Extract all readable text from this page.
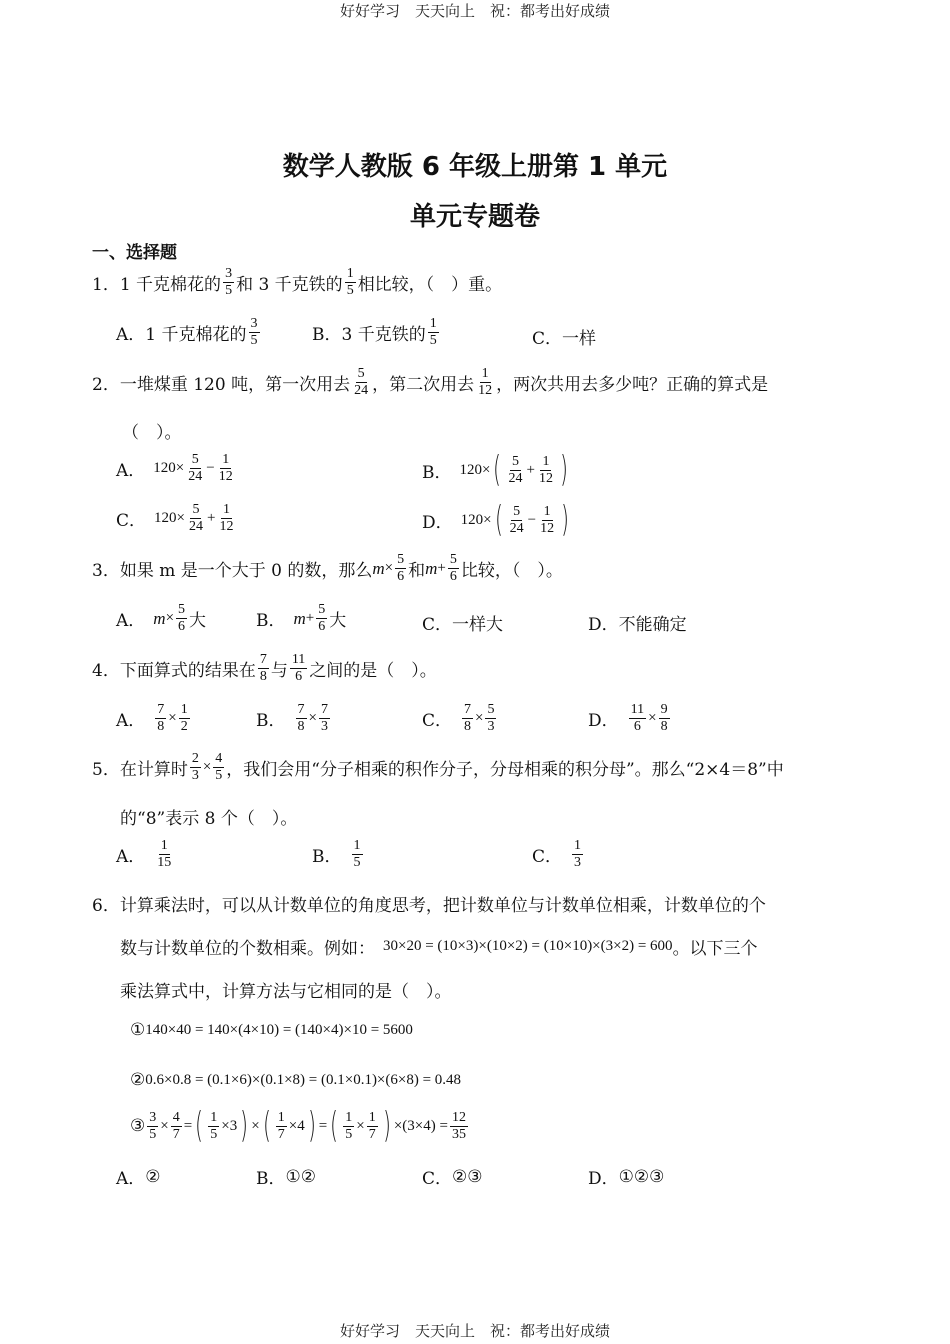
好好学习　天天向上　祝：都考出好成绩
数学人教版 6 年级上册第 1 单元
单元专题卷
一、选择题
1． 1 千克棉花的 $\frac{3}{5}$ 和 3 千克铁的 $\frac{1}{5}$ 相比较，（　）重。
A． 1 千克棉花的 $\frac{3}{5}$	B． 3 千克铁的 $\frac{1}{5}$	C． 一样
2． 一堆煤重 120 吨，第一次用去 $\frac{5}{24}$ ，第二次用去 $\frac{1}{12}$ ，两次共用去多少吨？正确的算式是
（　）。
A． $120\times \frac{5}{24} - \frac{1}{12}$	B． 120× ( $\frac{5}{24} + \frac{1}{12}$ )
C． $120\times \frac{5}{24} + \frac{1}{12}$	D． 120× ( $\frac{5}{24} - \frac{1}{12}$ )
3． 如果 m 是一个大于 0 的数，那么 $m \times \frac{5}{6}$ 和 $m + \frac{5}{6}$ 比较，（　）。
A． $m \times \frac{5}{6}$ 大	B． $m + \frac{5}{6}$ 大	C． 一样大	D． 不能确定
4． 下面算式的结果在 $\frac{7}{8}$ 与 $\frac{11}{6}$ 之间的是（　）。
A． $\frac{7}{8} \times \frac{1}{2}$	B． $\frac{7}{8} \times \frac{7}{3}$	C． $\frac{7}{8} \times \frac{5}{3}$	D． $\frac{11}{6} \times \frac{9}{8}$
5． 在计算时 $\frac{2}{3} \times \frac{4}{5}$ ，我们会用“分子相乘的积作分子，分母相乘的积分母”。那么“2×4＝8”中
的“8”表示 8 个（　）。
A． $\frac{1}{15}$	B． $\frac{1}{5}$	C． $\frac{1}{3}$
6． 计算乘法时，可以从计数单位的角度思考，把计数单位与计数单位相乘，计数单位的个
数与计数单位的个数相乘。例如： 30×20 = (10×3)×(10×2) = (10×10)×(3×2) = 600 。以下三个
乘法算式中，计算方法与它相同的是（　）。
① 140×40 = 140×(4×10) = (140×4)×10 = 5600
② 0.6×0.8 = (0.1×6)×(0.1×8) = (0.1×0.1)×(6×8) = 0.48
③ $\frac{3}{5} \times \frac{4}{7}$ = ( $\frac{1}{5} \times 3$ ) × ( $\frac{1}{7} \times 4$ ) = ( $\frac{1}{5} \times \frac{1}{7}$ ) $\times(3\times 4) = \frac{12}{35}$
A． ②	B． ①②	C． ②③	D． ①②③
好好学习　天天向上　祝：都考出好成绩
